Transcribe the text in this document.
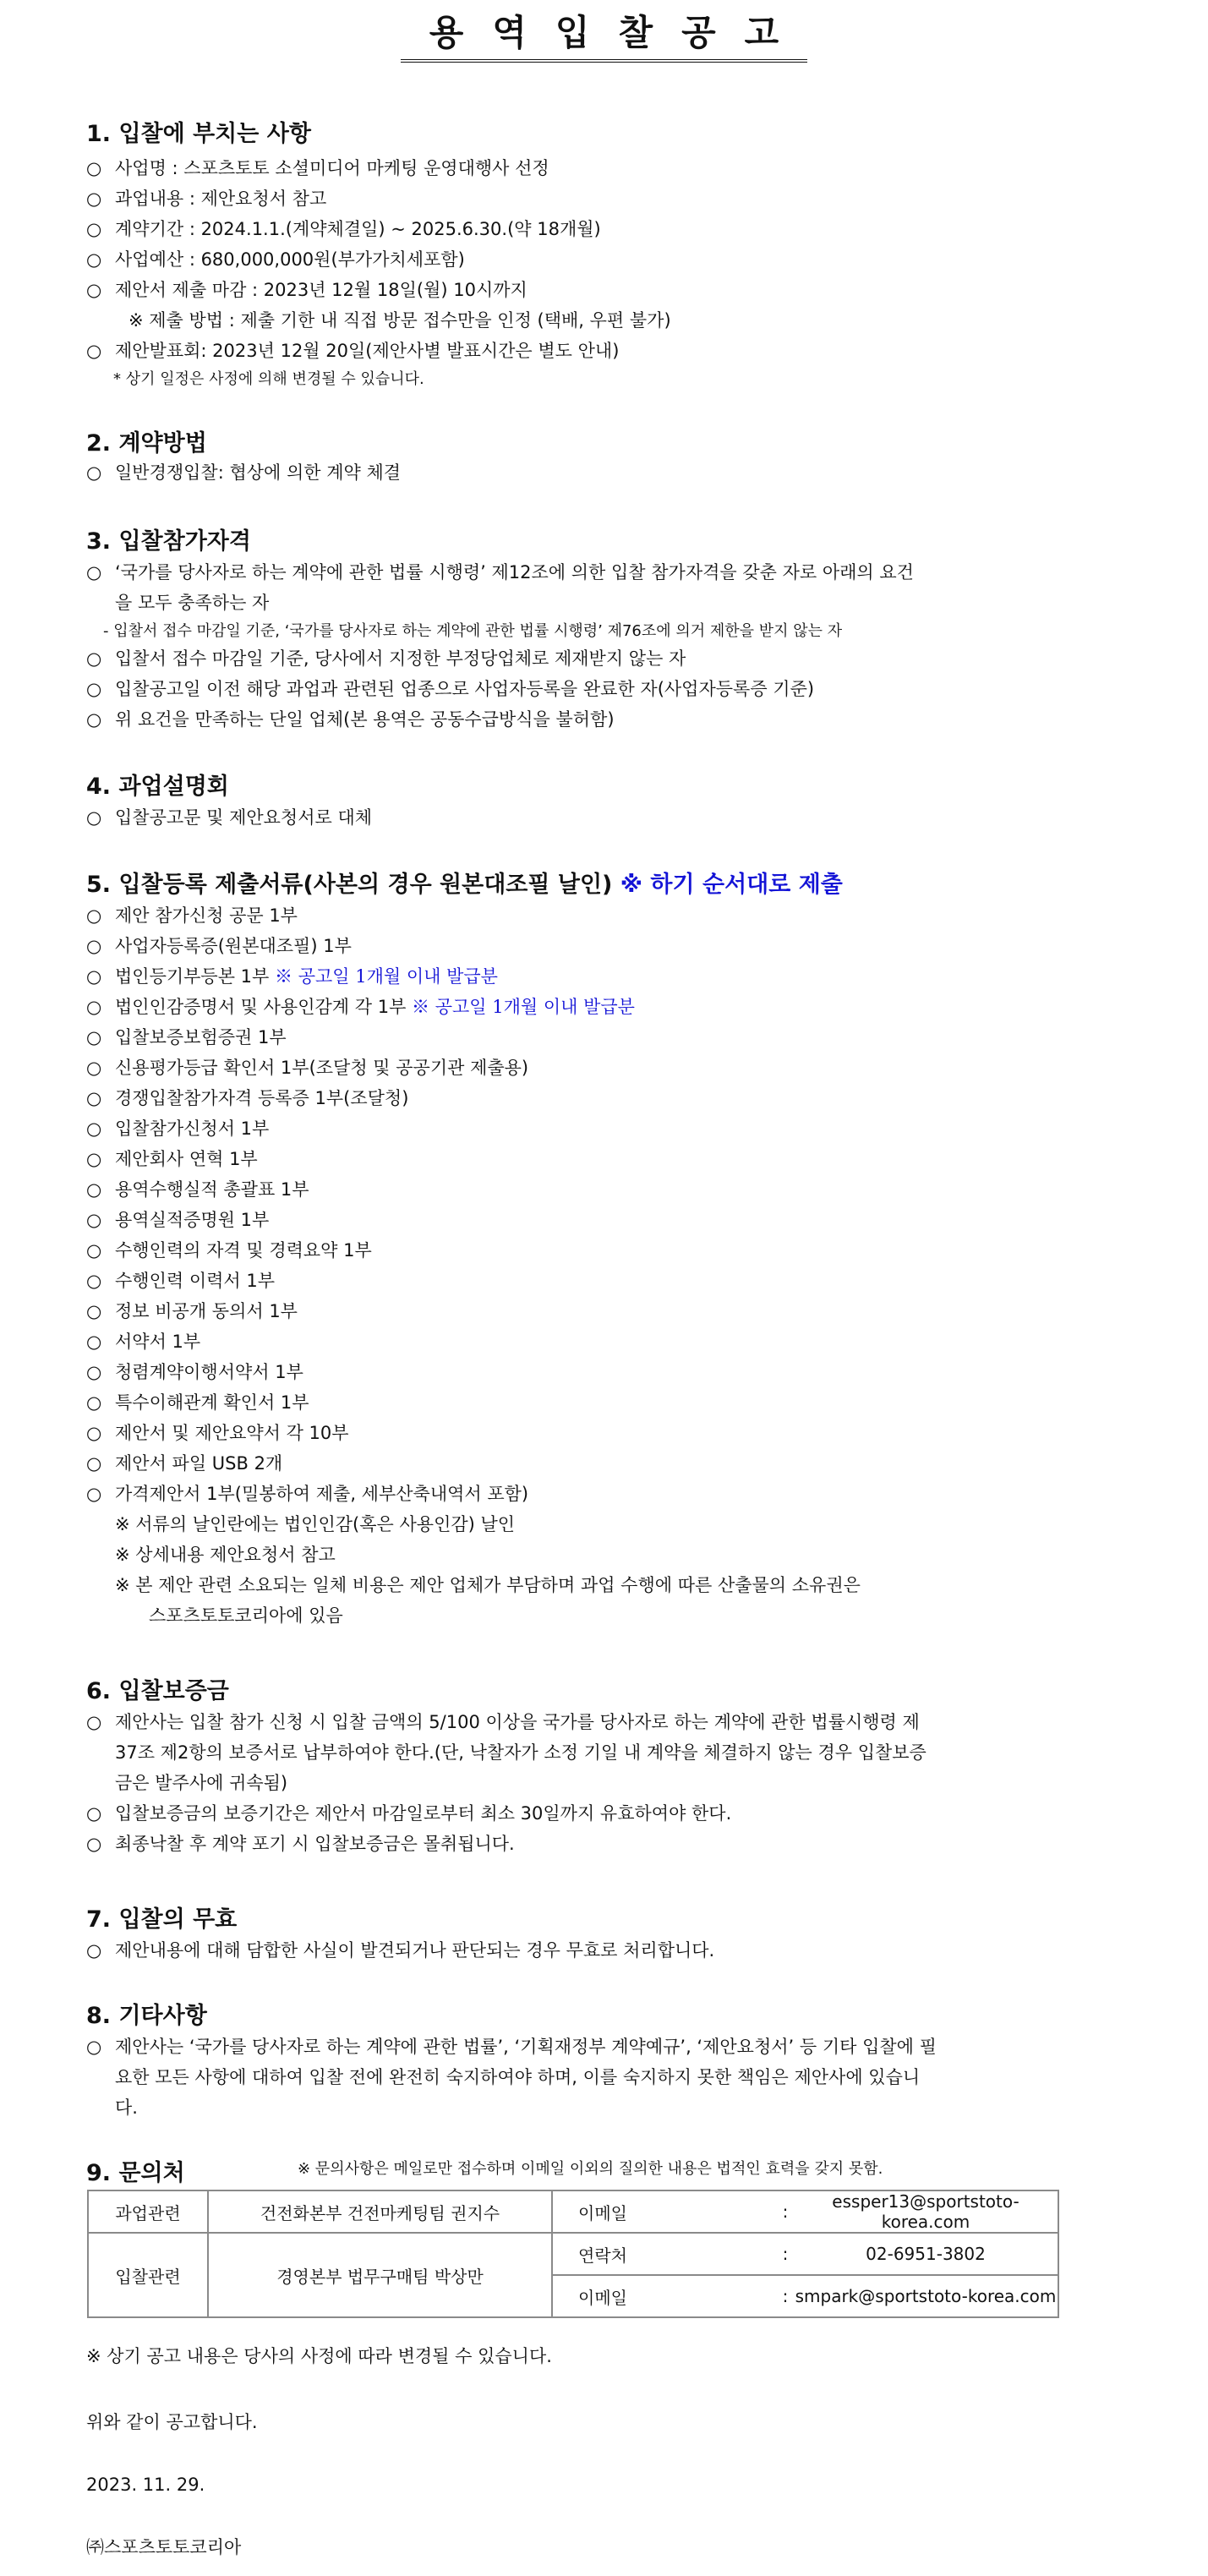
용역입찰공고
1. 입찰에 부치는 사항
○ 사업명 : 스포츠토토 소셜미디어 마케팅 운영대행사 선정
○ 과업내용 : 제안요청서 참고
○ 계약기간 : 2024.1.1.(계약체결일) ~ 2025.6.30.(약 18개월)
○ 사업예산 : 680,000,000원(부가가치세포함)
○ 제안서 제출 마감 : 2023년 12월 18일(월) 10시까지
※ 제출 방법 : 제출 기한 내 직접 방문 접수만을 인정 (택배, 우편 불가)
○ 제안발표회: 2023년 12월 20일(제안사별 발표시간은 별도 안내)
* 상기 일정은 사정에 의해 변경될 수 있습니다.
2. 계약방법
○ 일반경쟁입찰: 협상에 의한 계약 체결
3. 입찰참가자격
○ ‘국가를 당사자로 하는 계약에 관한 법률 시행령’ 제12조에 의한 입찰 참가자격을 갖춘 자로 아래의 요건
을 모두 충족하는 자
- 입찰서 접수 마감일 기준, ‘국가를 당사자로 하는 계약에 관한 법률 시행령’ 제76조에 의거 제한을 받지 않는 자
○ 입찰서 접수 마감일 기준, 당사에서 지정한 부정당업체로 제재받지 않는 자
○ 입찰공고일 이전 해당 과업과 관련된 업종으로 사업자등록을 완료한 자(사업자등록증 기준)
○ 위 요건을 만족하는 단일 업체(본 용역은 공동수급방식을 불허함)
4. 과업설명회
○ 입찰공고문 및 제안요청서로 대체
5. 입찰등록 제출서류(사본의 경우 원본대조필 날인) ※ 하기 순서대로 제출
○ 제안 참가신청 공문 1부
○ 사업자등록증(원본대조필) 1부
○ 법인등기부등본 1부 ※ 공고일 1개월 이내 발급분
○ 법인인감증명서 및 사용인감계 각 1부 ※ 공고일 1개월 이내 발급분
○ 입찰보증보험증권 1부
○ 신용평가등급 확인서 1부(조달청 및 공공기관 제출용)
○ 경쟁입찰참가자격 등록증 1부(조달청)
○ 입찰참가신청서 1부
○ 제안회사 연혁 1부
○ 용역수행실적 총괄표 1부
○ 용역실적증명원 1부
○ 수행인력의 자격 및 경력요약 1부
○ 수행인력 이력서 1부
○ 정보 비공개 동의서 1부
○ 서약서 1부
○ 청렴계약이행서약서 1부
○ 특수이해관계 확인서 1부
○ 제안서 및 제안요약서 각 10부
○ 제안서 파일 USB 2개
○ 가격제안서 1부(밀봉하여 제출, 세부산축내역서 포함)
※ 서류의 날인란에는 법인인감(혹은 사용인감) 날인
※ 상세내용 제안요청서 참고
※ 본 제안 관련 소요되는 일체 비용은 제안 업체가 부담하며 과업 수행에 따른 산출물의 소유권은
스포츠토토코리아에 있음
6. 입찰보증금
○ 제안사는 입찰 참가 신청 시 입찰 금액의 5/100 이상을 국가를 당사자로 하는 계약에 관한 법률시행령 제
37조 제2항의 보증서로 납부하여야 한다.(단, 낙찰자가 소정 기일 내 계약을 체결하지 않는 경우 입찰보증
금은 발주사에 귀속됨)
○ 입찰보증금의 보증기간은 제안서 마감일로부터 최소 30일까지 유효하여야 한다.
○ 최종낙찰 후 계약 포기 시 입찰보증금은 몰취됩니다.
7. 입찰의 무효
○ 제안내용에 대해 담합한 사실이 발견되거나 판단되는 경우 무효로 처리합니다.
8. 기타사항
○ 제안사는 ‘국가를 당사자로 하는 계약에 관한 법률’, ‘기획재정부 계약예규’, ‘제안요청서’ 등 기타 입찰에 필
요한 모든 사항에 대하여 입찰 전에 완전히 숙지하여야 하며, 이를 숙지하지 못한 책임은 제안사에 있습니
다.
9. 문의처	※ 문의사항은 메일로만 접수하며 이메일 이외의 질의한 내용은 법적인 효력을 갖지 못함.
과업관련	건전화본부 건전마케팅팀 권지수	이메일	:	essper13@sportstoto-korea.com
입찰관련	경영본부 법무구매팀 박상만	연락처	:	02-6951-3802
		이메일	:	smpark@sportstoto-korea.com
※ 상기 공고 내용은 당사의 사정에 따라 변경될 수 있습니다.
위와 같이 공고합니다.
2023. 11. 29.
㈜스포츠토토코리아
